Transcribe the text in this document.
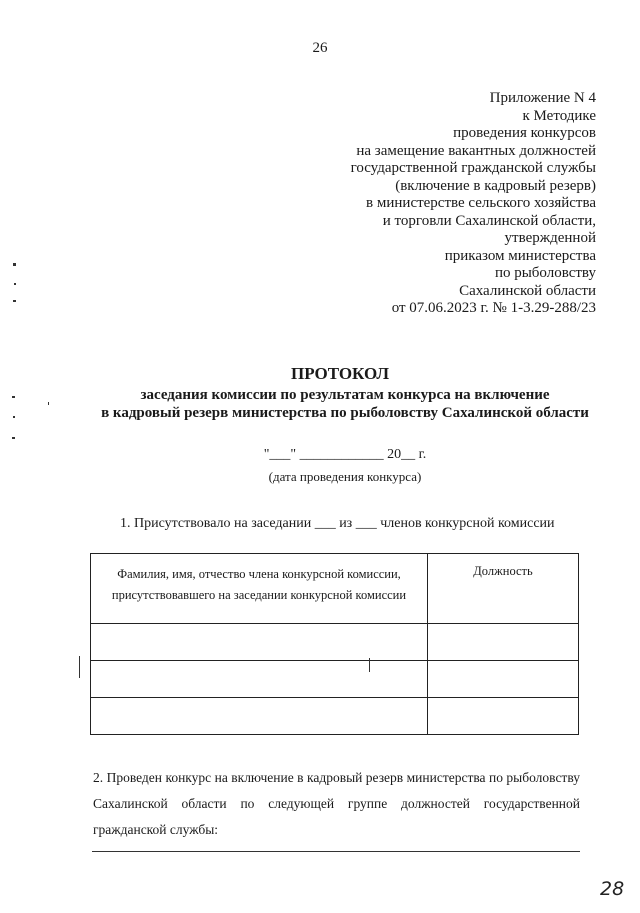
26
Приложение N 4
к Методике
проведения конкурсов
на замещение вакантных должностей
государственной гражданской службы
(включение в кадровый резерв)
в министерстве сельского хозяйства
и торговли Сахалинской области,
утвержденной
приказом министерства
по рыболовству
Сахалинской области
от 07.06.2023 г. № 1-3.29-288/23
ПРОТОКОЛ
заседания комиссии по результатам конкурса на включение
в кадровый резерв министерства по рыболовству Сахалинской области
"___" ____________ 20__ г.
(дата проведения конкурса)
1. Присутствовало на заседании ___ из ___ членов конкурсной комиссии
Фамилия, имя, отчество члена конкурсной комиссии,
присутствовавшего на заседании конкурсной комиссии	Должность

2. Проведен конкурс на включение в кадровый резерв министерства по рыболовству Сахалинской области по следующей группе должностей государственной гражданской службы:
28
